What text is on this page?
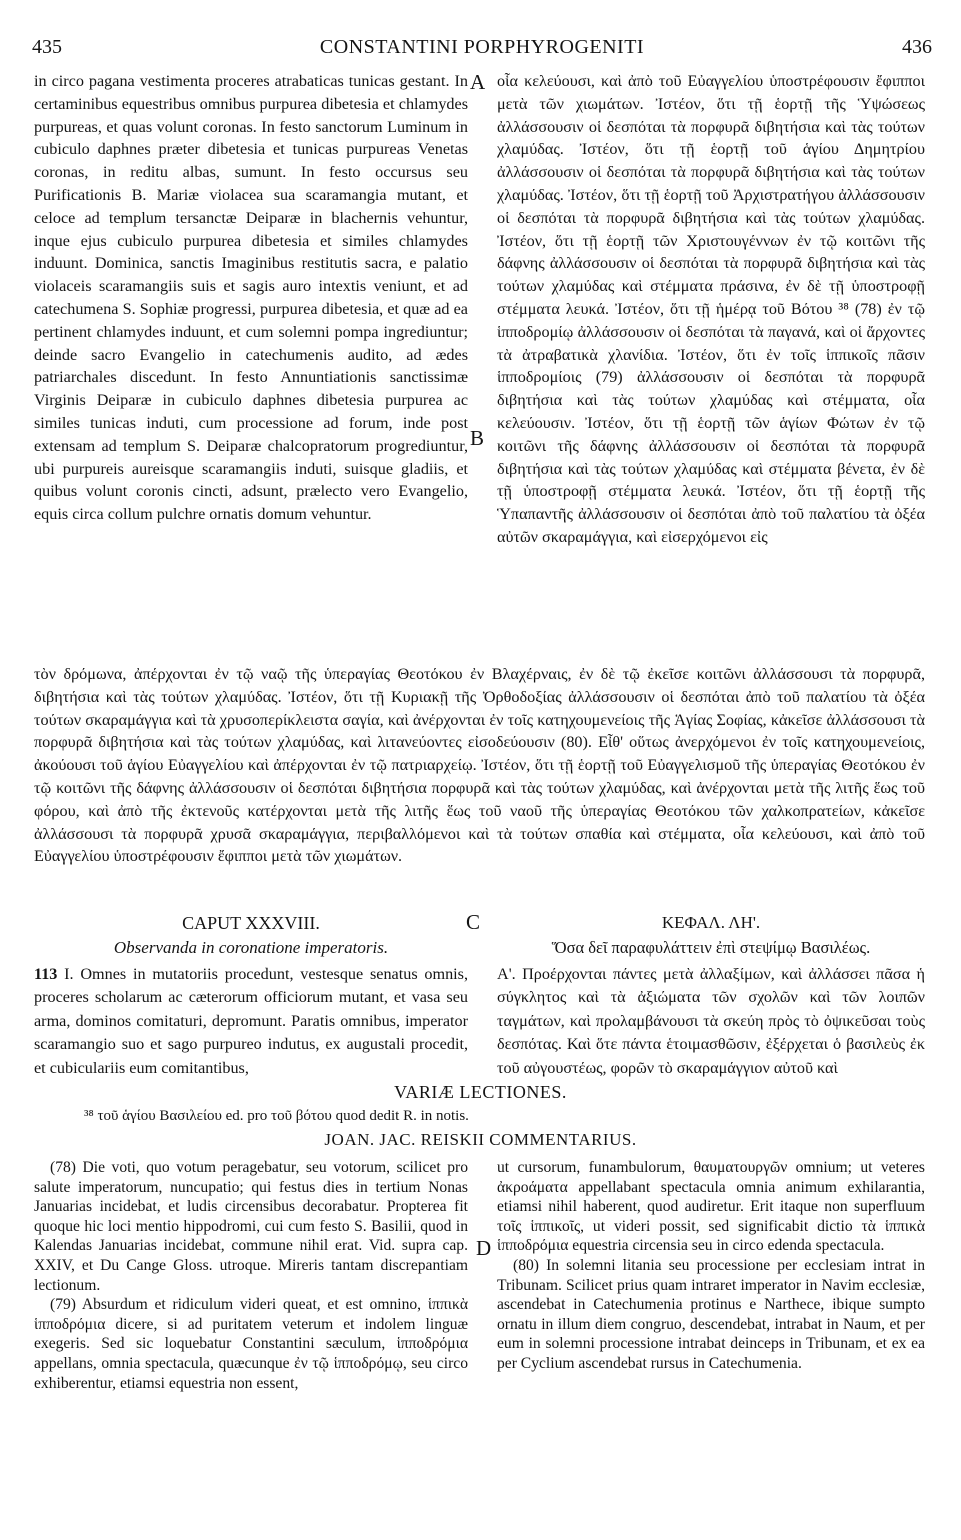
435	CONSTANTINI PORPHYROGENITI	436

in circo pagana vestimenta proceres atrabaticas tunicas gestant. In certaminibus equestribus omnibus purpurea dibetesia et chlamydes purpureas, et quas volunt coronas. In festo sanctorum Luminum in cubiculo daphnes præter dibetesia et tunicas purpureas Venetas coronas, in reditu albas, sumunt. In festo occursus seu Purificationis B. Mariæ violacea sua scaramangia mutant, et celoce ad templum tersanctæ Deiparæ in blachernis vehuntur, inque ejus cubiculo purpurea dibetesia et similes chlamydes induunt. Dominica, sanctis Imaginibus restitutis sacra, e palatio violaceis scaramangiis suis et sagis auro intextis veniunt, et ad catechumena S. Sophiæ progressi, purpurea dibetesia, et quæ ad ea pertinent chlamydes induunt, et cum solemni pompa ingrediuntur; deinde sacro Evangelio in catechumenis audito, ad ædes patriarchales discedunt. In festo Annuntiationis sanctissimæ Virginis Deiparæ in cubiculo daphnes dibetesia purpurea ac similes tunicas induti, cum processione ad forum, inde post extensam ad templum S. Deiparæ chalcopratorum progrediuntur, ubi purpureis aureisque scaramangiis induti, suisque gladiis, et quibus volunt coronis cincti, adsunt, prælecto vero Evangelio, equis circa collum pulchre ornatis domum vehuntur.

A
B

οἷα κελεύουσι, καὶ ἀπὸ τοῦ Εὐαγγελίου ὑποστρέφουσιν ἔφιπποι μετὰ τῶν χιωμάτων. Ἰστέον, ὅτι τῇ ἑορτῇ τῆς Ὑψώσεως ἀλλάσσουσιν οἱ δεσπόται τὰ πορφυρᾶ διβητήσια καὶ τὰς τούτων χλαμύδας. Ἰστέον, ὅτι τῇ ἑορτῇ τοῦ ἁγίου Δημητρίου ἀλλάσσουσιν οἱ δεσπόται τὰ πορφυρᾶ διβητήσια καὶ τὰς τούτων χλαμύδας. Ἰστέον, ὅτι τῇ ἑορτῇ τοῦ Ἀρχιστρατήγου ἀλλάσσουσιν οἱ δεσπόται τὰ πορφυρᾶ διβητήσια καὶ τὰς τούτων χλαμύδας. Ἰστέον, ὅτι τῇ ἑορτῇ τῶν Χριστουγέννων ἐν τῷ κοιτῶνι τῆς δάφνης ἀλλάσσουσιν οἱ δεσπόται τὰ πορφυρᾶ διβητήσια καὶ τὰς τούτων χλαμύδας καὶ στέμματα πράσινα, ἐν δὲ τῇ ὑποστροφῇ στέμματα λευκά. Ἰστέον, ὅτι τῇ ἡμέρᾳ τοῦ Βότου ³⁸ (78) ἐν τῷ ἱπποδρομίῳ ἀλλάσσουσιν οἱ δεσπόται τὰ παγανά, καὶ οἱ ἄρχοντες τὰ ἀτραβατικὰ χλανίδια. Ἰστέον, ὅτι ἐν τοῖς ἱππικοῖς πᾶσιν ἱπποδρομίοις (79) ἀλλάσσουσιν οἱ δεσπόται τὰ πορφυρᾶ διβητήσια καὶ τὰς τούτων χλαμύδας καὶ στέμματα, οἷα κελεύουσιν. Ἰστέον, ὅτι τῇ ἑορτῇ τῶν ἁγίων Φώτων ἐν τῷ κοιτῶνι τῆς δάφνης ἀλλάσσουσιν οἱ δεσπόται τὰ πορφυρᾶ διβητήσια καὶ τὰς τούτων χλαμύδας καὶ στέμματα βένετα, ἐν δὲ τῇ ὑποστροφῇ στέμματα λευκά. Ἰστέον, ὅτι τῇ ἑορτῇ τῆς Ὑπαπαντῆς ἀλλάσσουσιν οἱ δεσπόται ἀπὸ τοῦ παλατίου τὰ ὀξέα αὐτῶν σκαραμάγγια, καὶ εἰσερχόμενοι εἰς

τὸν δρόμωνα, ἀπέρχονται ἐν τῷ ναῷ τῆς ὑπεραγίας Θεοτόκου ἐν Βλαχέρναις, ἐν δὲ τῷ ἐκεῖσε κοιτῶνι ἀλλάσσουσι τὰ πορφυρᾶ, διβητήσια καὶ τὰς τούτων χλαμύδας. Ἰστέον, ὅτι τῇ Κυριακῇ τῆς Ὀρθοδοξίας ἀλλάσσουσιν οἱ δεσπόται ἀπὸ τοῦ παλατίου τὰ ὀξέα τούτων σκαραμάγγια καὶ τὰ χρυσοπερίκλειστα σαγία, καὶ ἀνέρχονται ἐν τοῖς κατηχουμενείοις τῆς Ἁγίας Σοφίας, κἀκεῖσε ἀλλάσσουσι τὰ πορφυρᾶ διβητήσια καὶ τὰς τούτων χλαμύδας, καὶ λιτανεύοντες εἰσοδεύουσιν (80). Εἶθ' οὕτως ἀνερχόμενοι ἐν τοῖς κατηχουμενείοις, ἀκούουσι τοῦ ἁγίου Εὐαγγελίου καὶ ἀπέρχονται ἐν τῷ πατριαρχείῳ. Ἰστέον, ὅτι τῇ ἑορτῇ τοῦ Εὐαγγελισμοῦ τῆς ὑπεραγίας Θεοτόκου ἐν τῷ κοιτῶνι τῆς δάφνης ἀλλάσσουσιν οἱ δεσπόται διβητήσια πορφυρᾶ καὶ τὰς τούτων χλαμύδας, καὶ ἀνέρχονται μετὰ τῆς λιτῆς ἕως τοῦ φόρου, καὶ ἀπὸ τῆς ἐκτενοῦς κατέρχονται μετὰ τῆς λιτῆς ἕως τοῦ ναοῦ τῆς ὑπεραγίας Θεοτόκου τῶν χαλκοπρατείων, κἀκεῖσε ἀλλάσσουσι τὰ πορφυρᾶ χρυσᾶ σκαραμάγγια, περιβαλλόμενοι καὶ τὰ τούτων σπαθία καὶ στέμματα, οἷα κελεύουσι, καὶ ἀπὸ τοῦ Εὐαγγελίου ὑποστρέφουσιν ἔφιπποι μετὰ τῶν χιωμάτων.

CAPUT XXXVIII.
Observanda in coronatione imperatoris.
C	ΚΕΦΑΛ. ΛΗ'.
Ὅσα δεῖ παραφυλάττειν ἐπὶ στεψίμῳ Βασιλέως.
113 I. Omnes in mutatoriis procedunt, vestesque senatus omnis, proceres scholarum ac cæterorum officiorum mutant, et vasa seu arma, dominos comitaturi, depromunt. Paratis omnibus, imperator scaramangio suo et sago purpureo indutus, ex augustali procedit, et cubiculariis eum comitantibus,
Α'. Προέρχονται πάντες μετὰ ἀλλαξίμων, καὶ ἀλλάσσει πᾶσα ἡ σύγκλητος καὶ τὰ ἀξιώματα τῶν σχολῶν καὶ τῶν λοιπῶν ταγμάτων, καὶ προλαμβάνουσι τὰ σκεύη πρὸς τὸ ὀψικεῦσαι τοὺς δεσπότας. Καὶ ὅτε πάντα ἑτοιμασθῶσιν, ἐξέρχεται ὁ βασιλεὺς ἐκ τοῦ αὐγουστέως, φορῶν τὸ σκαραμάγγιον αὐτοῦ καὶ
VARIÆ LECTIONES.
³⁸ τοῦ ἁγίου Βασιλείου ed. pro τοῦ βότου quod dedit R. in notis.
JOAN. JAC. REISKII COMMENTARIUS.

(78) Die voti, quo votum peragebatur, seu votorum, scilicet pro salute imperatorum, nuncupatio; qui festus dies in tertium Nonas Januarias incidebat, et ludis circensibus decorabatur. Propterea fit quoque hic loci mentio hippodromi, cui cum festo S. Basilii, quod in Kalendas Januarias incidebat, commune nihil erat. Vid. supra cap. XXIV, et Du Cange Gloss. utroque. Mireris tantam discrepantiam lectionum.

(79) Absurdum et ridiculum videri queat, et est omnino, ἱππικὰ ἱπποδρόμια dicere, si ad puritatem veterum et indolem linguæ exegeris. Sed sic loquebatur Constantini sæculum, ἱπποδρόμια appellans, omnia spectacula, quæcunque ἐν τῷ ἱπποδρόμῳ, seu circo exhiberentur, etiamsi equestria non essent,

D

ut cursorum, funambulorum, θαυματουργῶν omnium; ut veteres ἀκροάματα appellabant spectacula omnia animum exhilarantia, etiamsi nihil haberent, quod audiretur. Erit itaque non superfluum τοῖς ἱππικοῖς, ut videri possit, sed significabit dictio τὰ ἱππικὰ ἱπποδρόμια equestria circensia seu in circo edenda spectacula.

(80) In solemni litania seu processione per ecclesiam intrat in Tribunam. Scilicet prius quam intraret imperator in Navim ecclesiæ, ascendebat in Catechumenia protinus e Narthece, ibique sumpto ornatu in illum diem congruo, descendebat, intrabat in Naum, et per eum in solemni processione intrabat deinceps in Tribunam, et ex ea per Cyclium ascendebat rursus in Catechumenia.
